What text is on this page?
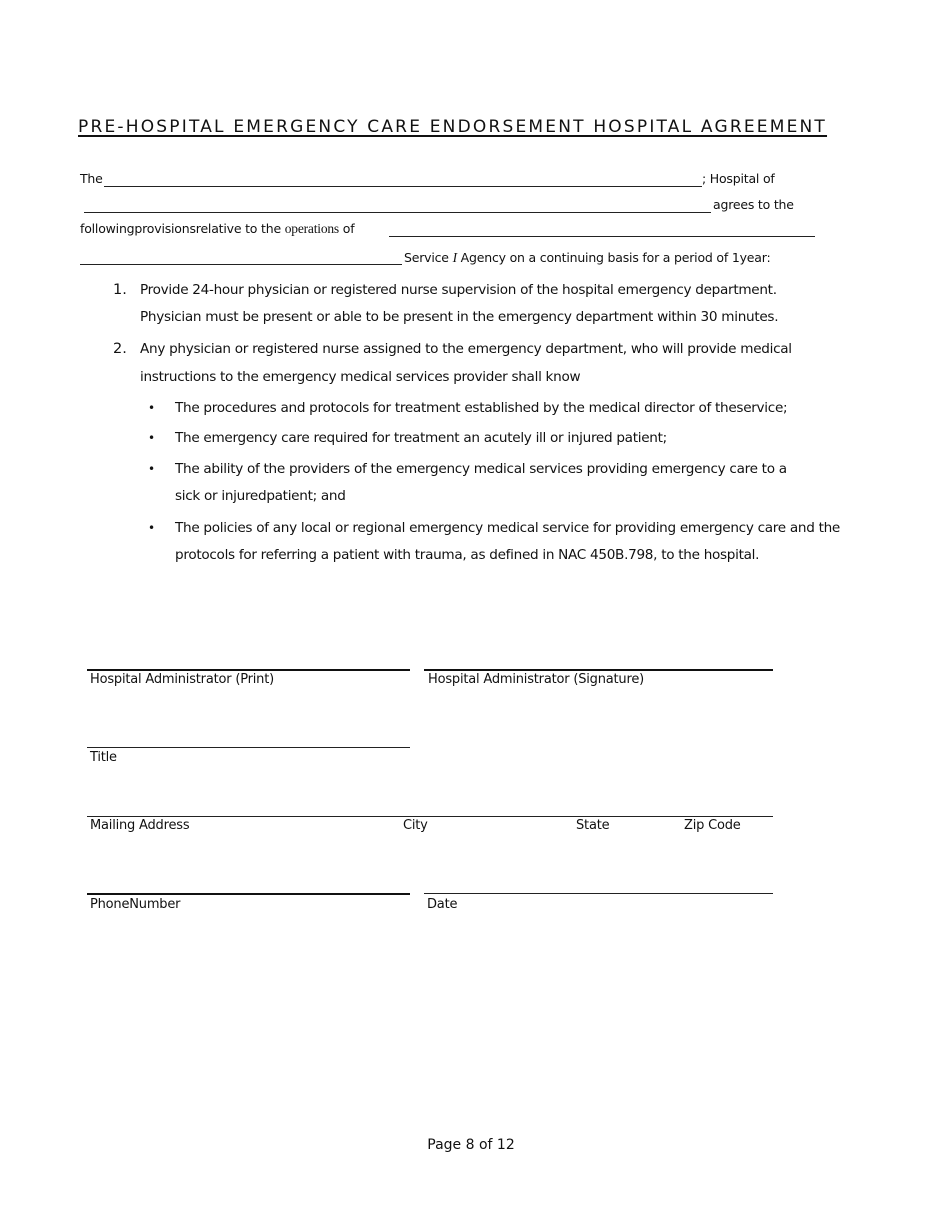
PRE-HOSPITAL EMERGENCY CARE ENDORSEMENT HOSPITAL AGREEMENT
The	; Hospital of
agrees to the
followingprovisionsrelative to the operations of
Service I Agency on a continuing basis for a period of 1year:
1. Provide 24-hour physician or registered nurse supervision of the hospital emergency department.
Physician must be present or able to be present in the emergency department within 30 minutes.
2. Any physician or registered nurse assigned to the emergency department, who will provide medical
instructions to the emergency medical services provider shall know
• The procedures and protocols for treatment established by the medical director of theservice;
• The emergency care required for treatment an acutely ill or injured patient;
• The ability of the providers of the emergency medical services providing emergency care to a
sick or injuredpatient; and
• The policies of any local or regional emergency medical service for providing emergency care and the
protocols for referring a patient with trauma, as defined in NAC 450B.798, to the hospital.
Hospital Administrator (Print)	Hospital Administrator (Signature)
Title
Mailing Address	City	State	Zip Code
PhoneNumber	Date
Page 8 of 12
